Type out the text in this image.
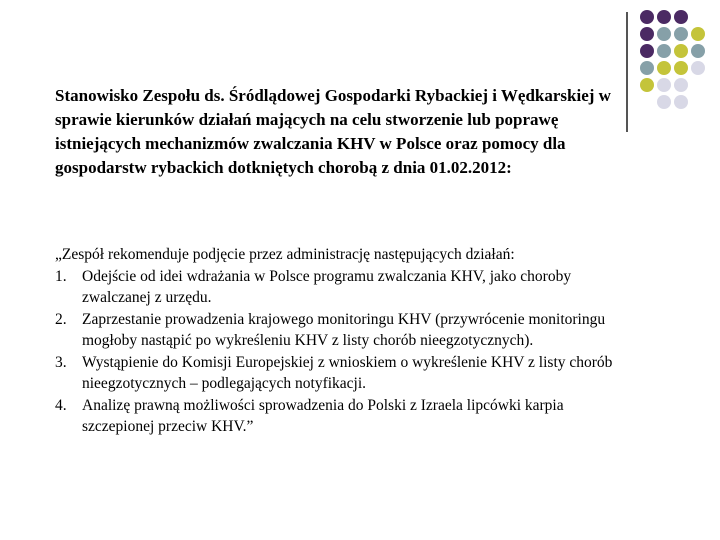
Stanowisko Zespołu ds. Śródlądowej Gospodarki Rybackiej i Wędkarskiej w sprawie kierunków działań mających na celu stworzenie lub poprawę istniejących mechanizmów zwalczania KHV w Polsce oraz pomocy dla gospodarstw rybackich dotkniętych chorobą z dnia 01.02.2012:

„Zespół rekomenduje podjęcie przez administrację następujących działań:
1. Odejście od idei wdrażania w Polsce programu zwalczania KHV, jako choroby zwalczanej z urzędu.
2. Zaprzestanie prowadzenia krajowego monitoringu KHV (przywrócenie monitoringu mogłoby nastąpić po wykreśleniu KHV z listy chorób nieegzotycznych).
3. Wystąpienie do Komisji Europejskiej z wnioskiem o wykreślenie KHV z listy chorób nieegzotycznych – podlegających notyfikacji.
4. Analizę prawną możliwości sprowadzenia do Polski z Izraela lipcówki karpia szczepionej przeciw KHV.”
